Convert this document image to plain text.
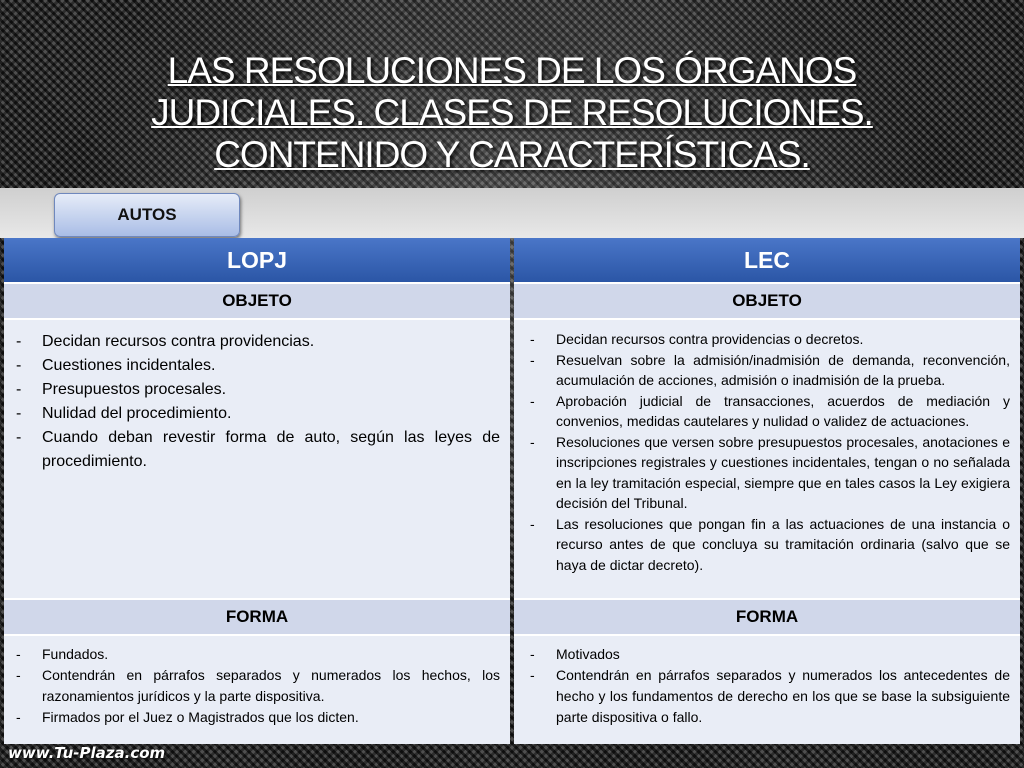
LAS RESOLUCIONES DE LOS ÓRGANOS JUDICIALES. CLASES DE RESOLUCIONES. CONTENIDO Y CARACTERÍSTICAS.
AUTOS
LOPJ
OBJETO
- Decidan recursos contra providencias.
- Cuestiones incidentales.
- Presupuestos procesales.
- Nulidad del procedimiento.
- Cuando deban revestir forma de auto, según las leyes de procedimiento.
FORMA
- Fundados.
- Contendrán en párrafos separados y numerados los hechos, los razonamientos jurídicos y la parte dispositiva.
- Firmados por el Juez o Magistrados que los dicten.
LEC
OBJETO
- Decidan recursos contra providencias o decretos.
- Resuelvan sobre la admisión/inadmisión de demanda, reconvención, acumulación de acciones, admisión o inadmisión de la prueba.
- Aprobación judicial de transacciones, acuerdos de mediación y convenios, medidas cautelares y nulidad o validez de actuaciones.
- Resoluciones que versen sobre presupuestos procesales, anotaciones e inscripciones registrales y cuestiones incidentales, tengan o no señalada en la ley tramitación especial, siempre que en tales casos la Ley exigiera decisión del Tribunal.
- Las resoluciones que pongan fin a las actuaciones de una instancia o recurso antes de que concluya su tramitación ordinaria (salvo que se haya de dictar decreto).
FORMA
- Motivados
- Contendrán en párrafos separados y numerados los antecedentes de hecho y los fundamentos de derecho en los que se base la subsiguiente parte dispositiva o fallo.
www.Tu-Plaza.com
